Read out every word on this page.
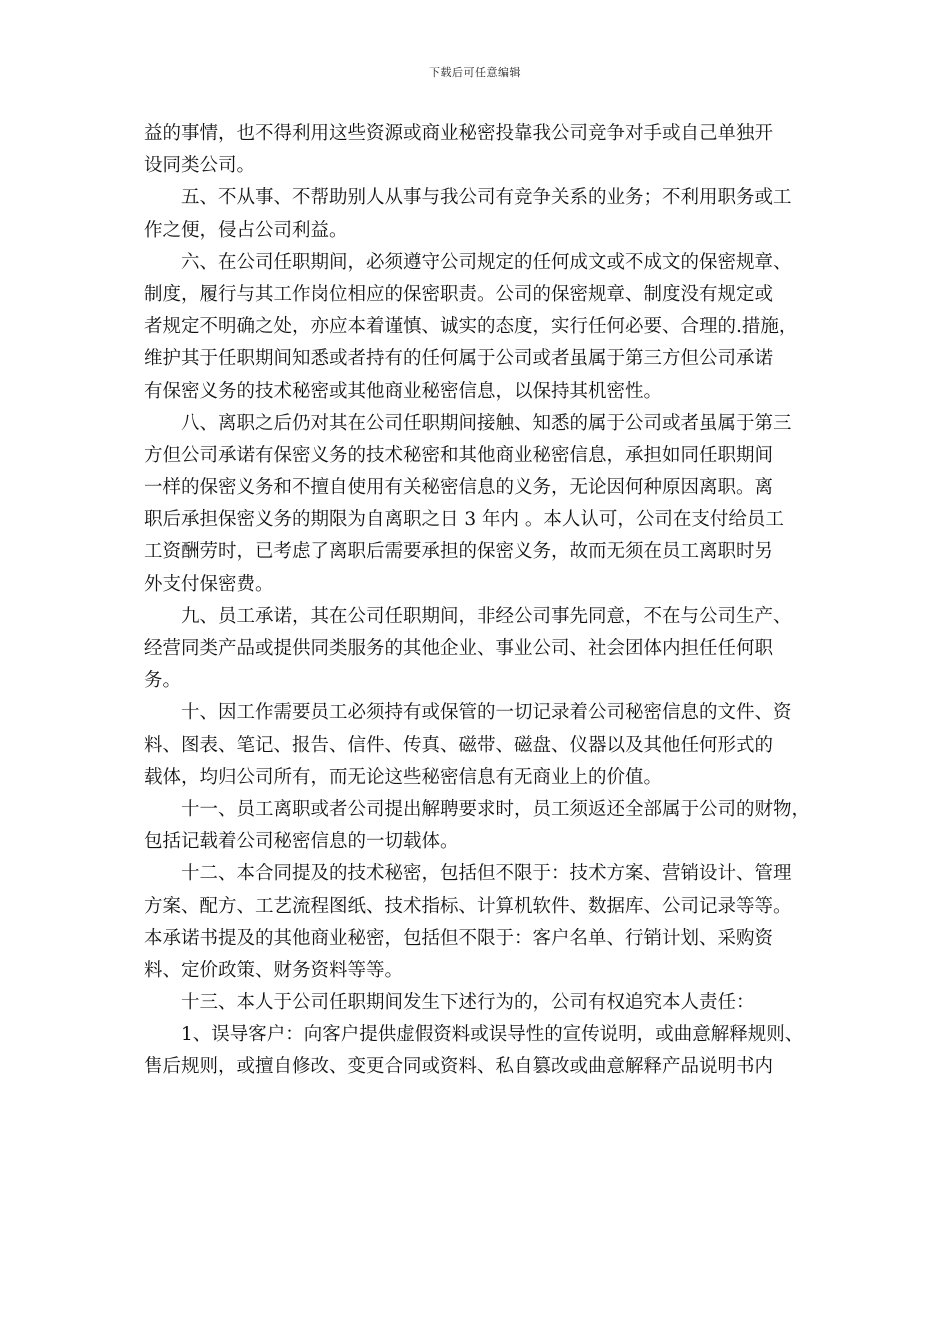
下载后可任意编辑
益的事情，也不得利用这些资源或商业秘密投靠我公司竞争对手或自己单独开
设同类公司。
五、不从事、不帮助别人从事与我公司有竞争关系的业务；不利用职务或工
作之便，侵占公司利益。
六、在公司任职期间，必须遵守公司规定的任何成文或不成文的保密规章、
制度，履行与其工作岗位相应的保密职责。公司的保密规章、制度没有规定或
者规定不明确之处，亦应本着谨慎、诚实的态度，实行任何必要、合理的.措施，
维护其于任职期间知悉或者持有的任何属于公司或者虽属于第三方但公司承诺
有保密义务的技术秘密或其他商业秘密信息，以保持其机密性。
八、离职之后仍对其在公司任职期间接触、知悉的属于公司或者虽属于第三
方但公司承诺有保密义务的技术秘密和其他商业秘密信息，承担如同任职期间
一样的保密义务和不擅自使用有关秘密信息的义务，无论因何种原因离职。离
职后承担保密义务的期限为自离职之日 3 年内 。本人认可，公司在支付给员工
工资酬劳时，已考虑了离职后需要承担的保密义务，故而无须在员工离职时另
外支付保密费。
九、员工承诺，其在公司任职期间，非经公司事先同意，不在与公司生产、
经营同类产品或提供同类服务的其他企业、事业公司、社会团体内担任任何职
务。
十、因工作需要员工必须持有或保管的一切记录着公司秘密信息的文件、资
料、图表、笔记、报告、信件、传真、磁带、磁盘、仪器以及其他任何形式的
载体，均归公司所有，而无论这些秘密信息有无商业上的价值。
十一、员工离职或者公司提出解聘要求时，员工须返还全部属于公司的财物，
包括记载着公司秘密信息的一切载体。
十二、本合同提及的技术秘密，包括但不限于：技术方案、营销设计、管理
方案、配方、工艺流程图纸、技术指标、计算机软件、数据库、公司记录等等。
本承诺书提及的其他商业秘密，包括但不限于：客户名单、行销计划、采购资
料、定价政策、财务资料等等。
十三、本人于公司任职期间发生下述行为的，公司有权追究本人责任：
1、误导客户：向客户提供虚假资料或误导性的宣传说明，或曲意解释规则、
售后规则，或擅自修改、变更合同或资料、私自篡改或曲意解释产品说明书内
